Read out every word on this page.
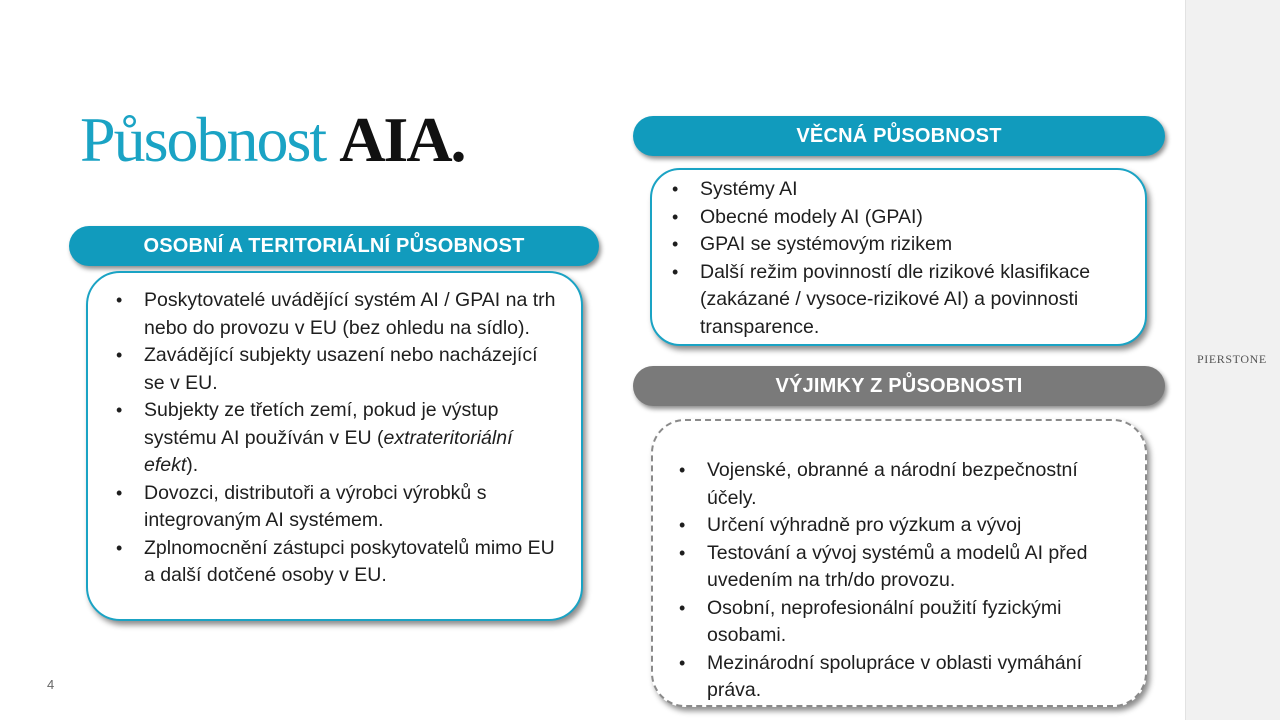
PIERSTONE
Působnost AIA.
OSOBNÍ A TERITORIÁLNÍ PŮSOBNOST
• Poskytovatelé uvádějící systém AI / GPAI na trh nebo do provozu v EU (bez ohledu na sídlo).
• Zavádějící subjekty usazení nebo nacházející se v EU.
• Subjekty ze třetích zemí, pokud je výstup systému AI používán v EU (extrateritoriální efekt).
• Dovozci, distributoři a výrobci výrobků s integrovaným AI systémem.
• Zplnomocnění zástupci poskytovatelů mimo EU a další dotčené osoby v EU.
VĚCNÁ PŮSOBNOST
• Systémy AI
• Obecné modely AI (GPAI)
• GPAI se systémovým rizikem
• Další režim povinností dle rizikové klasifikace (zakázané / vysoce-rizikové AI) a povinnosti transparence.
VÝJIMKY Z PŮSOBNOSTI
• Vojenské, obranné a národní bezpečnostní účely.
• Určení výhradně pro výzkum a vývoj
• Testování a vývoj systémů a modelů AI před uvedením na trh/do provozu.
• Osobní, neprofesionální použití fyzickými osobami.
• Mezinárodní spolupráce v oblasti vymáhání práva.
4
